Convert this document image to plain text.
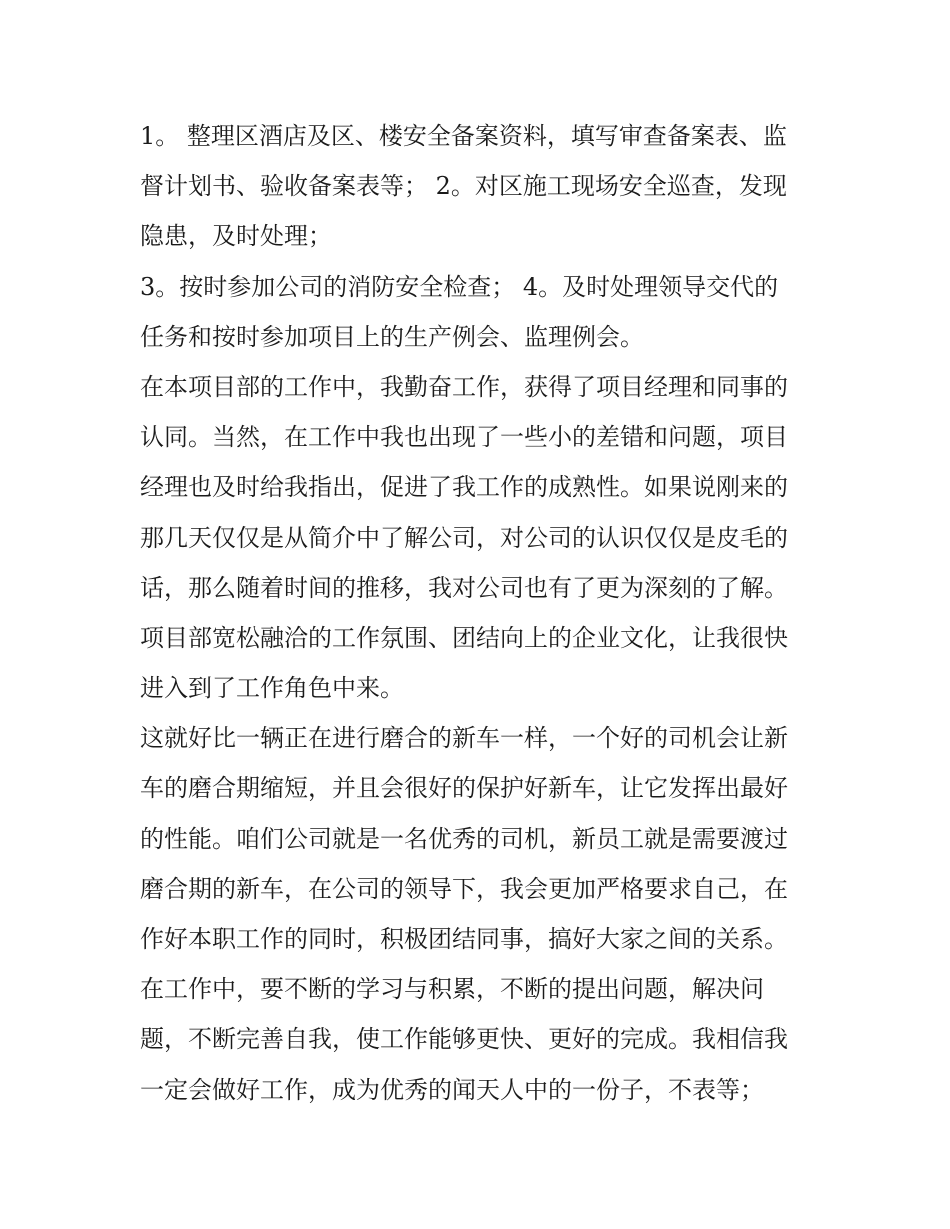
1。 整理区酒店及区、楼安全备案资料，填写审查备案表、监
督计划书、验收备案表等； 2。对区施工现场安全巡查，发现
隐患，及时处理；
3。按时参加公司的消防安全检查； 4。及时处理领导交代的
任务和按时参加项目上的生产例会、监理例会。
在本项目部的工作中，我勤奋工作，获得了项目经理和同事的
认同。当然，在工作中我也出现了一些小的差错和问题，项目
经理也及时给我指出，促进了我工作的成熟性。如果说刚来的
那几天仅仅是从简介中了解公司，对公司的认识仅仅是皮毛的
话，那么随着时间的推移，我对公司也有了更为深刻的了解。
项目部宽松融洽的工作氛围、团结向上的企业文化，让我很快
进入到了工作角色中来。
这就好比一辆正在进行磨合的新车一样，一个好的司机会让新
车的磨合期缩短，并且会很好的保护好新车，让它发挥出最好
的性能。咱们公司就是一名优秀的司机，新员工就是需要渡过
磨合期的新车，在公司的领导下，我会更加严格要求自己，在
作好本职工作的同时，积极团结同事，搞好大家之间的关系。
在工作中，要不断的学习与积累，不断的提出问题，解决问
题，不断完善自我，使工作能够更快、更好的完成。我相信我
一定会做好工作，成为优秀的闻天人中的一份子，不表等；
